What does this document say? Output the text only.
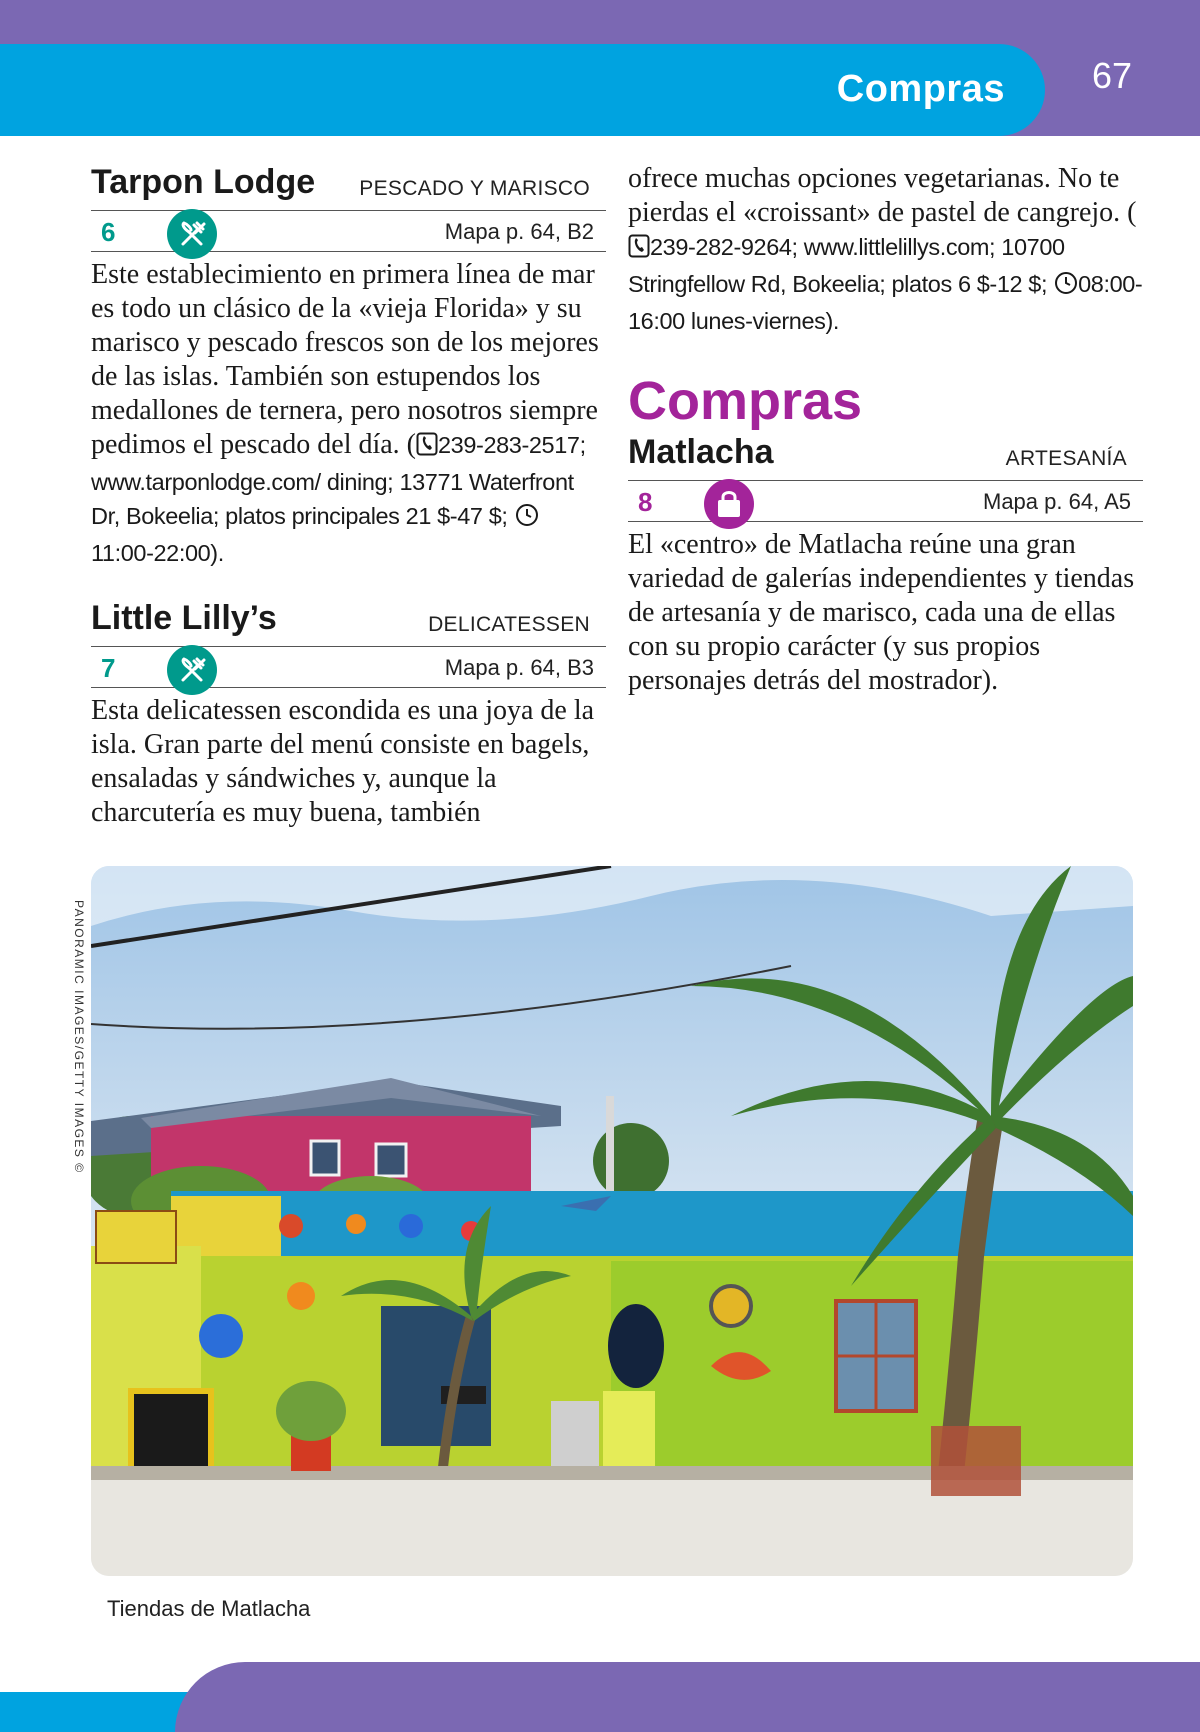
Compras 67
Tarpon Lodge PESCADO Y MARISCO
6	Mapa p. 64, B2
Este establecimiento en primera línea de mar es todo un clásico de la «vieja Florida» y su marisco y pescado frescos son de los mejores de las islas. También son estupendos los medallones de ternera, pero nosotros siempre pedimos el pescado del día. ( 239-283-2517; www.tarponlodge.com/ dining; 13771 Waterfront Dr, Bokeelia; platos principales 21 $-47 $;  11:00-22:00).
Little Lilly’s	DELICATESSEN
7	Mapa p. 64, B3
Esta delicatessen escondida es una joya de la isla. Gran parte del menú consiste en bagels, ensaladas y sándwiches y, aunque la charcutería es muy buena, también
ofrece muchas opciones vegetarianas. No te pierdas el «croissant» de pastel de cangrejo. (239-282-9264; www.littlelillys.com; 10700 Stringfellow Rd, Bokeelia; platos 6 $-12 $; 08:00-16:00 lunes-viernes).
Compras
Matlacha	ARTESANÍA
8	Mapa p. 64, A5
El «centro» de Matlacha reúne una gran variedad de galerías independientes y tiendas de artesanía y de marisco, cada una de ellas con su propio carácter (y sus propios personajes detrás del mostrador).
PANORAMIC IMAGES/GETTY IMAGES ©
Tiendas de Matlacha
